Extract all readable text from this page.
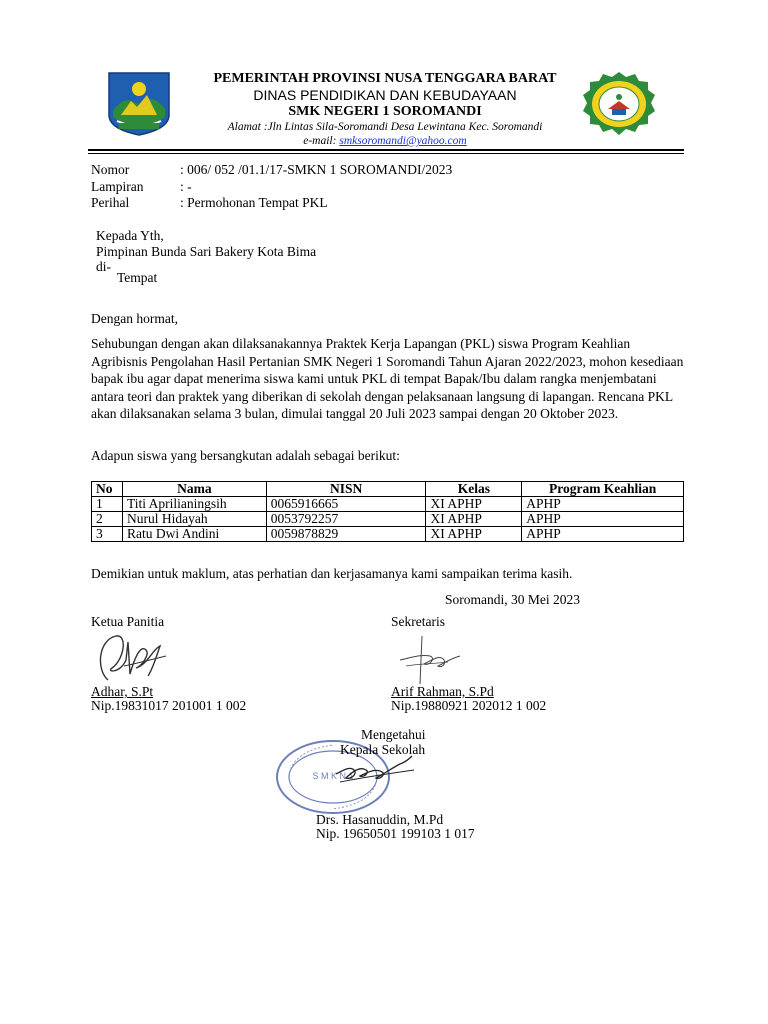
PEMERINTAH PROVINSI NUSA TENGGARA BARAT
DINAS PENDIDIKAN DAN KEBUDAYAAN
SMK NEGERI 1 SOROMANDI
Alamat :Jln Lintas Sila-Soromandi Desa Lewintana Kec. Soromandi
e-mail: smksoromandi@yahoo.com
Nomor	: 006/ 052 /01.1/17-SMKN 1 SOROMANDI/2023
Lampiran	: -
Perihal	: Permohonan Tempat PKL
Kepada Yth,
Pimpinan Bunda Sari Bakery Kota Bima
di-
Tempat
Dengan hormat,
Sehubungan dengan akan dilaksanakannya Praktek Kerja Lapangan (PKL) siswa Program Keahlian Agribisnis Pengolahan Hasil Pertanian SMK Negeri 1 Soromandi Tahun Ajaran 2022/2023, mohon kesediaan bapak ibu agar dapat menerima siswa kami untuk PKL di tempat Bapak/Ibu dalam rangka menjembatani antara teori dan praktek yang diberikan di sekolah dengan pelaksanaan langsung di lapangan. Rencana PKL akan dilaksanakan selama 3 bulan, dimulai tanggal 20 Juli 2023 sampai dengan 20 Oktober 2023.
Adapun siswa yang bersangkutan adalah sebagai berikut:
No	Nama	NISN	Kelas	Program Keahlian
1	Titi Aprilianingsih	0065916665	XI APHP	APHP
2	Nurul Hidayah	0053792257	XI APHP	APHP
3	Ratu Dwi Andini	0059878829	XI APHP	APHP
Demikian untuk maklum, atas perhatian dan kerjasamanya kami sampaikan terima kasih.
Soromandi, 30 Mei 2023
Ketua Panitia
Adhar, S.Pt
Nip.19831017 201001 1 002
Sekretaris
Arif Rahman, S.Pd
Nip.19880921 202012 1 002
S M K N 1
Mengetahui
Kepala Sekolah
Drs. Hasanuddin, M.Pd
Nip. 19650501 199103 1 017
